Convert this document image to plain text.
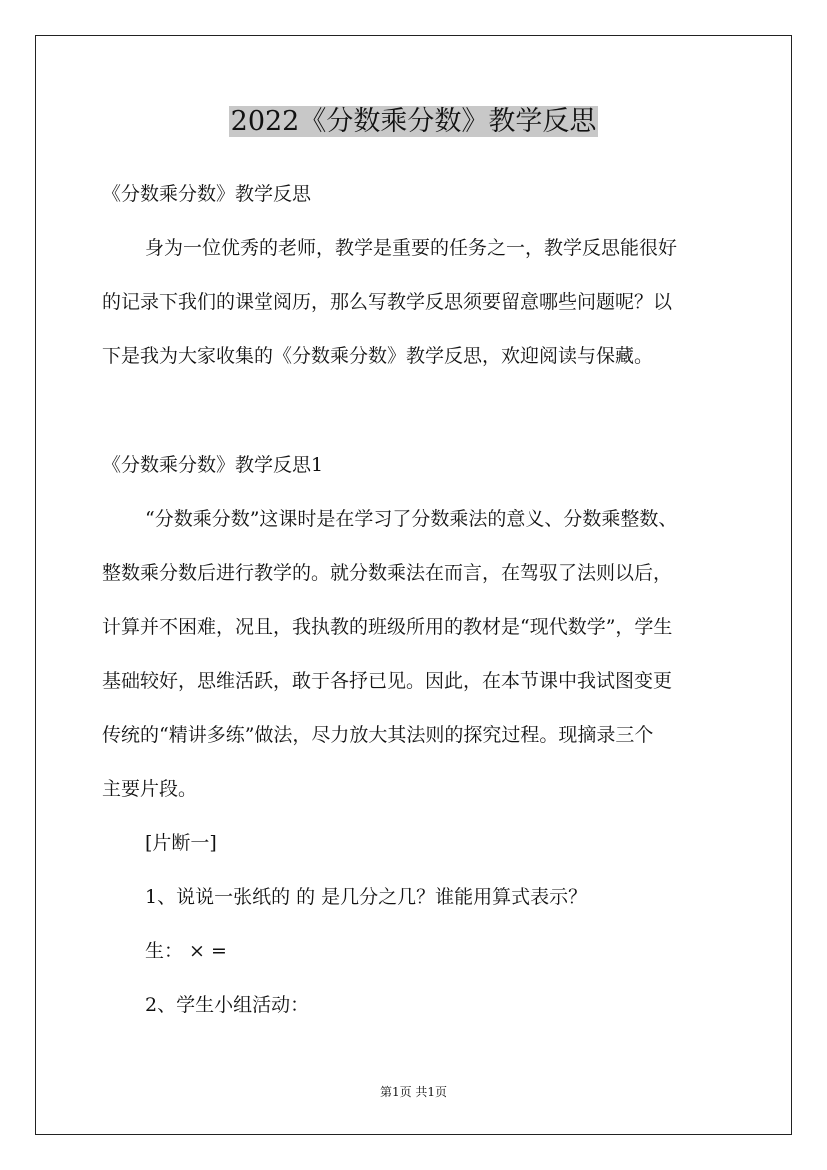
2022《分数乘分数》教学反思
《分数乘分数》教学反思
身为一位优秀的老师，教学是重要的任务之一，教学反思能很好
的记录下我们的课堂阅历，那么写教学反思须要留意哪些问题呢？以
下是我为大家收集的《分数乘分数》教学反思，欢迎阅读与保藏。
《分数乘分数》教学反思1
“分数乘分数”这课时是在学习了分数乘法的意义、分数乘整数、
整数乘分数后进行教学的。就分数乘法在而言，在驾驭了法则以后，
计算并不困难，况且，我执教的班级所用的教材是“现代数学”，学生
基础较好，思维活跃，敢于各抒已见。因此，在本节课中我试图变更
传统的“精讲多练”做法，尽力放大其法则的探究过程。现摘录三个
主要片段。
[片断一]
1、说说一张纸的 的 是几分之几？谁能用算式表示？
生： × =
2、学生小组活动：
第1页 共1页
